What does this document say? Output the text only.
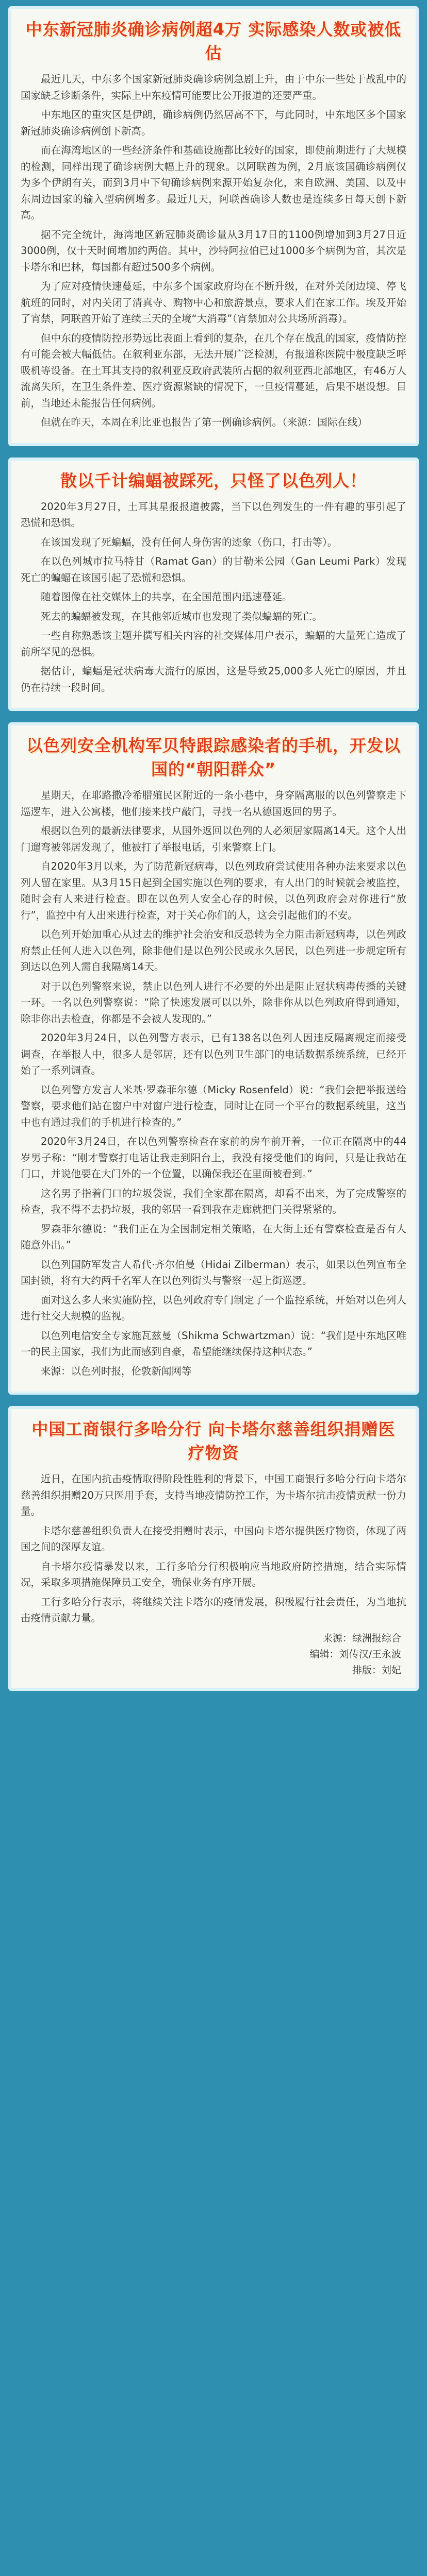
中东新冠肺炎确诊病例超4万 实际感染人数或被低估

最近几天，中东多个国家新冠肺炎确诊病例急剧上升，由于中东一些处于战乱中的国家缺乏诊断条件，实际上中东疫情可能要比公开报道的还要严重。

中东地区的重灾区是伊朗，确诊病例仍然居高不下，与此同时，中东地区多个国家新冠肺炎确诊病例创下新高。

而在海湾地区的一些经济条件和基础设施都比较好的国家，即使前期进行了大规模的检测，同样出现了确诊病例大幅上升的现象。以阿联酋为例，2月底该国确诊病例仅为多个伊朗有关，而到3月中下旬确诊病例来源开始复杂化，来自欧洲、美国、以及中东周边国家的输入型病例增多。最近几天，阿联酋确诊人数也是连续多日每天创下新高。

据不完全统计，海湾地区新冠肺炎确诊量从3月17日的1100例增加到3月27日近3000例，仅十天时间增加约两倍。其中，沙特阿拉伯已过1000多个病例为首，其次是卡塔尔和巴林，每国都有超过500多个病例。

为了应对疫情快速蔓延，中东多个国家政府均在不断升级，在对外关闭边境、停飞航班的同时，对内关闭了清真寺、购物中心和旅游景点，要求人们在家工作。埃及开始了宵禁，阿联酋开始了连续三天的全境“大消毒”（宵禁加对公共场所消毒）。

但中东的疫情防控形势远比表面上看到的复杂，在几个存在战乱的国家，疫情防控有可能会被大幅低估。在叙利亚东部，无法开展广泛检测，有报道称医院中极度缺乏呼吸机等设备。在土耳其支持的叙利亚反政府武装所占据的叙利亚西北部地区，有46万人流离失所，在卫生条件差、医疗资源紧缺的情况下，一旦疫情蔓延，后果不堪设想。目前，当地还未能报告任何病例。

但就在昨天，本周在利比亚也报告了第一例确诊病例。（来源：国际在线）

散以千计编蝠被踩死，只怪了以色列人！

2020年3月27日，土耳其星报报道披露，当下以色列发生的一件有趣的事引起了恐慌和恐惧。

在该国发现了死蝙蝠，没有任何人身伤害的迹象（伤口，打击等）。

在以色列城市拉马特甘（Ramat Gan）的甘勒米公园（Gan Leumi Park）发现死亡的蝙蝠在该国引起了恐慌和恐惧。

随着图像在社交媒体上的共享，在全国范围内迅速蔓延。

死去的蝙蝠被发现，在其他邻近城市也发现了类似蝙蝠的死亡。

一些自称熟悉该主题并撰写相关内容的社交媒体用户表示，蝙蝠的大量死亡造成了前所罕见的恐惧。

据估计，蝙蝠是冠状病毒大流行的原因，这是导致25,000多人死亡的原因，并且仍在持续一段时间。

以色列安全机构军贝特跟踪感染者的手机，开发以国的“朝阳群众”

星期天，在耶路撒冷希腊殖民区附近的一条小巷中，身穿隔离服的以色列警察走下巡逻车，进入公寓楼，他们接来找户敲门，寻找一名从德国返回的男子。

根据以色列的最新法律要求，从国外返回以色列的人必须居家隔离14天。这个人出门遛弯被邻居发现了，他被打了举报电话，引来警察上门。

自2020年3月以来，为了防范新冠病毒，以色列政府尝试使用各种办法来要求以色列人留在家里。从3月15日起到全国实施以色列的要求，有人出门的时候就会被监控，随时会有人来进行检查。即在以色列人安全心存的时候，以色列政府会对你进行“放行”，监控中有人出来进行检查，对于关心你们的人，这会引起他们的不安。

以色列开始加重心从过去的维护社会治安和反恐转为全力阻击新冠病毒，以色列政府禁止任何人进入以色列，除非他们是以色列公民或永久居民，以色列进一步规定所有到达以色列人需自我隔离14天。

对于以色列警察来说，禁止以色列人进行不必要的外出是阻止冠状病毒传播的关键一环。一名以色列警察说：“除了快速发展可以以外，除非你从以色列政府得到通知，除非你出去检查，你都是不会被人发现的。”

2020年3月24日，以色列警方表示，已有138名以色列人因违反隔离规定而接受调查，在举报人中，很多人是邻居，还有以色列卫生部门的电话数据系统系统，已经开始了一系列调查。

以色列警方发言人米基·罗森菲尔德（Micky Rosenfeld）说：“我们会把举报送给警察，要求他们站在窗户中对窗户进行检查，同时让在同一个平台的数据系统里，这当中也有通过我们的手机进行检查的。”

2020年3月24日，在以色列警察检查在家前的房车前开着，一位正在隔离中的44岁男子称：“刚才警察打电话让我走到阳台上，我没有接受他们的询问，只是让我站在门口，并说他要在大门外的一个位置，以确保我还在里面被看到。”

这名男子指着门口的垃圾袋说，我们全家都在隔离，却看不出来，为了完成警察的检查，我不得不去扔垃圾，我的邻居一看到我在走廊就把门关得紧紧的。

罗森菲尔德说：“我们正在为全国制定相关策略，在大街上还有警察检查是否有人随意外出。”

以色列国防军发言人希代·齐尔伯曼（Hidai Zilberman）表示，如果以色列宣布全国封锁，将有大约两千名军人在以色列街头与警察一起上街巡逻。

面对这么多人来实施防控，以色列政府专门制定了一个监控系统，开始对以色列人进行社交大规模的监视。

以色列电信安全专家施瓦兹曼（Shikma Schwartzman）说：“我们是中东地区唯一的民主国家，我们为此而感到自豪，希望能继续保持这种状态。”

来源：以色列时报，伦敦新闻网等

中国工商银行多哈分行 向卡塔尔慈善组织捐赠医疗物资

近日，在国内抗击疫情取得阶段性胜利的背景下，中国工商银行多哈分行向卡塔尔慈善组织捐赠20万只医用手套，支持当地疫情防控工作，为卡塔尔抗击疫情贡献一份力量。

卡塔尔慈善组织负责人在接受捐赠时表示，中国向卡塔尔提供医疗物资，体现了两国之间的深厚友谊。

自卡塔尔疫情暴发以来，工行多哈分行积极响应当地政府防控措施，结合实际情况，采取多项措施保障员工安全，确保业务有序开展。

工行多哈分行表示，将继续关注卡塔尔的疫情发展，积极履行社会责任，为当地抗击疫情贡献力量。

来源：绿洲报综合
编辑：刘传汉/王永波
排版：刘妃
